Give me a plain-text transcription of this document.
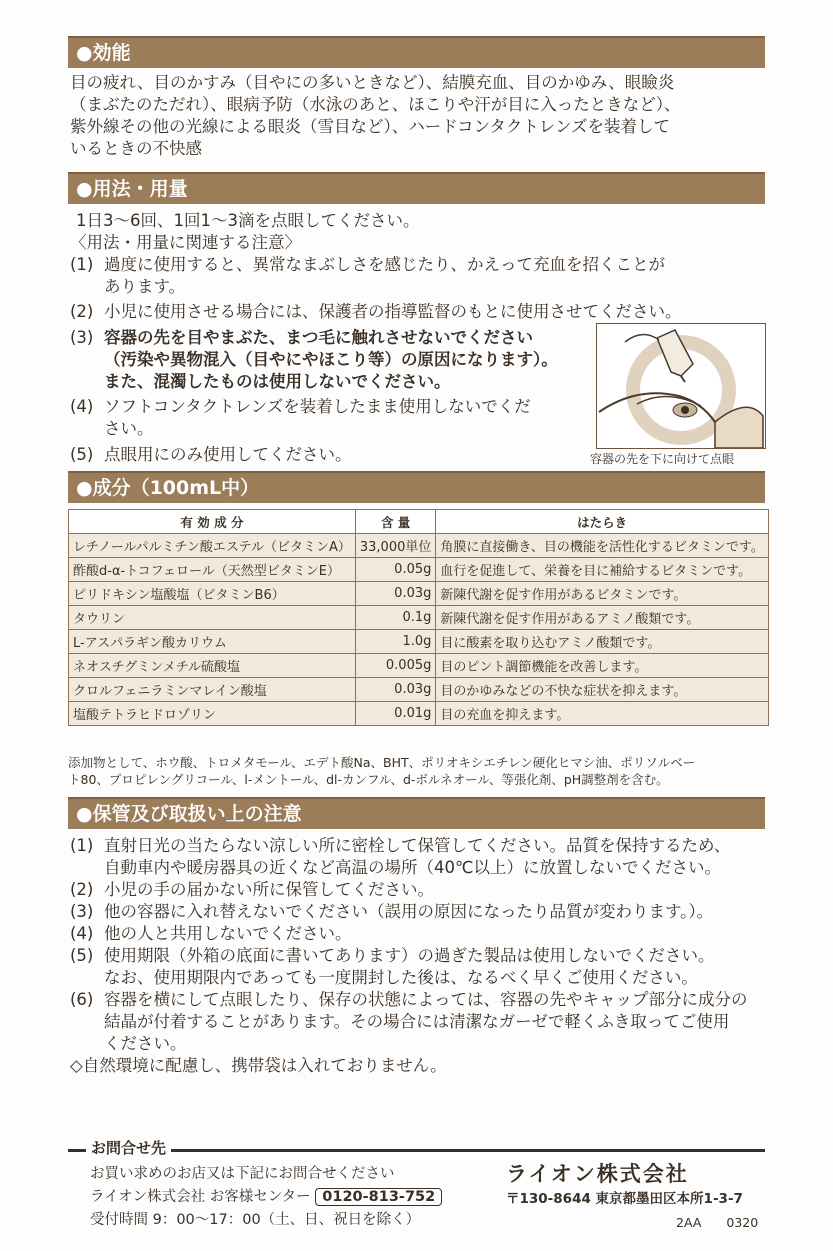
●効能
目の疲れ、目のかすみ（目やにの多いときなど）、結膜充血、目のかゆみ、眼瞼炎
（まぶたのただれ）、眼病予防（水泳のあと、ほこりや汗が目に入ったときなど）、
紫外線その他の光線による眼炎（雪目など）、ハードコンタクトレンズを装着して
いるときの不快感
●用法・用量
1日3～6回、1回1～3滴を点眼してください。
〈用法・用量に関連する注意〉
(1) 過度に使用すると、異常なまぶしさを感じたり、かえって充血を招くことが
あります。
(2) 小児に使用させる場合には、保護者の指導監督のもとに使用させてください。
(3) 容器の先を目やまぶた、まつ毛に触れさせないでください
（汚染や異物混入（目やにやほこり等）の原因になります）。
また、混濁したものは使用しないでください。
(4) ソフトコンタクトレンズを装着したまま使用しないでくだ
さい。
(5) 点眼用にのみ使用してください。	容器の先を下に向けて点眼
●成分（100mL中）
有 効 成 分	含 量	はたらき
レチノールパルミチン酸エステル（ビタミンA）	33,000単位	角膜に直接働き、目の機能を活性化するビタミンです。
酢酸d-α-トコフェロール（天然型ビタミンE）	0.05g	血行を促進して、栄養を目に補給するビタミンです。
ピリドキシン塩酸塩（ビタミンB6）	0.03g	新陳代謝を促す作用があるビタミンです。
タウリン	0.1g	新陳代謝を促す作用があるアミノ酸類です。
L-アスパラギン酸カリウム	1.0g	目に酸素を取り込むアミノ酸類です。
ネオスチグミンメチル硫酸塩	0.005g	目のピント調節機能を改善します。
クロルフェニラミンマレイン酸塩	0.03g	目のかゆみなどの不快な症状を抑えます。
塩酸テトラヒドロゾリン	0.01g	目の充血を抑えます。
添加物として、ホウ酸、トロメタモール、エデト酸Na、BHT、ポリオキシエチレン硬化ヒマシ油、ポリソルベー
ト80、プロピレングリコール、l-メントール、dl-カンフル、d-ボルネオール、等張化剤、pH調整剤を含む。
●保管及び取扱い上の注意
(1) 直射日光の当たらない涼しい所に密栓して保管してください。品質を保持するため、
自動車内や暖房器具の近くなど高温の場所（40℃以上）に放置しないでください。
(2) 小児の手の届かない所に保管してください。
(3) 他の容器に入れ替えないでください（誤用の原因になったり品質が変わります。）。
(4) 他の人と共用しないでください。
(5) 使用期限（外箱の底面に書いてあります）の過ぎた製品は使用しないでください。
なお、使用期限内であっても一度開封した後は、なるべく早くご使用ください。
(6) 容器を横にして点眼したり、保存の状態によっては、容器の先やキャップ部分に成分の
結晶が付着することがあります。その場合には清潔なガーゼで軽くふき取ってご使用
ください。
◇自然環境に配慮し、携帯袋は入れておりません。
お問合せ先
お買い求めのお店又は下記にお問合せください
ライオン株式会社 お客様センター 0120-813-752
受付時間 9：00～17：00（土、日、祝日を除く）
ライオン株式会社
〒130-8644 東京都墨田区本所1-3-7
2AA　　0320
